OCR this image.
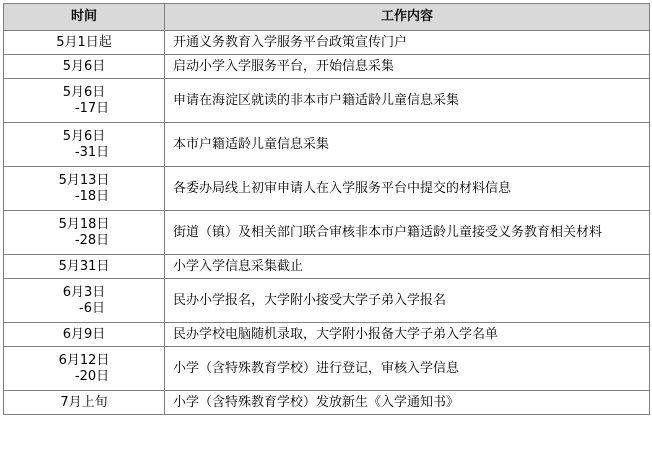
时间	工作内容

5月1日起	开通义务教育入学服务平台政策宣传门户

5月6日	启动小学入学服务平台，开始信息采集

5月6日
-17日	申请在海淀区就读的非本市户籍适龄儿童信息采集

5月6日
-31日	本市户籍适龄儿童信息采集

5月13日
-18日	各委办局线上初审申请人在入学服务平台中提交的材料信息

5月18日
-28日	街道（镇）及相关部门联合审核非本市户籍适龄儿童接受义务教育相关材料

5月31日	小学入学信息采集截止

6月3日
-6日	民办小学报名，大学附小接受大学子弟入学报名

6月9日	民办学校电脑随机录取，大学附小报备大学子弟入学名单

6月12日
-20日	小学（含特殊教育学校）进行登记，审核入学信息

7月上旬	小学（含特殊教育学校）发放新生《入学通知书》
